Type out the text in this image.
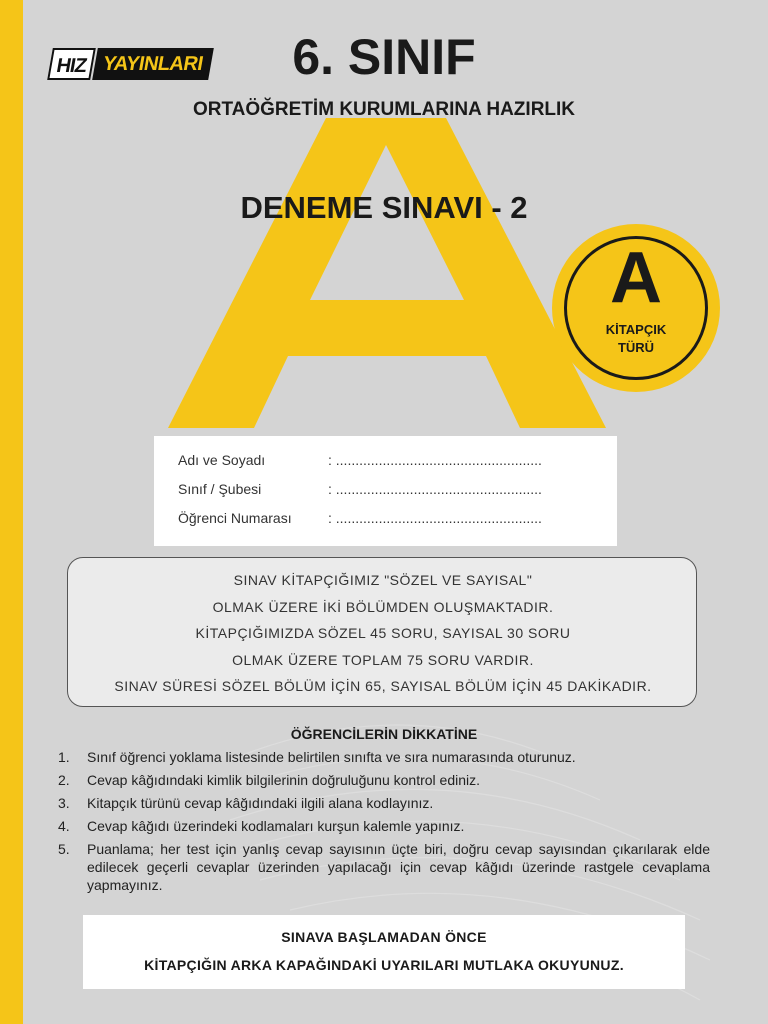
HIZ YAYINLARI	6. SINIF
ORTAÖĞRETİM KURUMLARINA HAZIRLIK
DENEME SINAVI - 2
A
KİTAPÇIK
TÜRÜ
Adı ve Soyadı	: .....................................................
Sınıf / Şubesi	: .....................................................
Öğrenci Numarası	: .....................................................
SINAV KİTAPÇIĞIMIZ "SÖZEL VE SAYISAL"
OLMAK ÜZERE İKİ BÖLÜMDEN OLUŞMAKTADIR.
KİTAPÇIĞIMIZDA SÖZEL 45 SORU, SAYISAL 30 SORU
OLMAK ÜZERE TOPLAM 75 SORU VARDIR.
SINAV SÜRESİ SÖZEL BÖLÜM İÇİN 65, SAYISAL BÖLÜM İÇİN 45 DAKİKADIR.
ÖĞRENCİLERİN DİKKATİNE
1.	Sınıf öğrenci yoklama listesinde belirtilen sınıfta ve sıra numarasında oturunuz.
2.	Cevap kâğıdındaki kimlik bilgilerinin doğruluğunu kontrol ediniz.
3.	Kitapçık türünü cevap kâğıdındaki ilgili alana kodlayınız.
4.	Cevap kâğıdı üzerindeki kodlamaları kurşun kalemle yapınız.
5.	Puanlama; her test için yanlış cevap sayısının üçte biri, doğru cevap sayısından çıkarılarak elde edilecek geçerli cevaplar üzerinden yapılacağı için cevap kâğıdı üzerinde rastgele cevaplama yapmayınız.
SINAVA BAŞLAMADAN ÖNCE
KİTAPÇIĞIN ARKA KAPAĞINDAKİ UYARILARI MUTLAKA OKUYUNUZ.
